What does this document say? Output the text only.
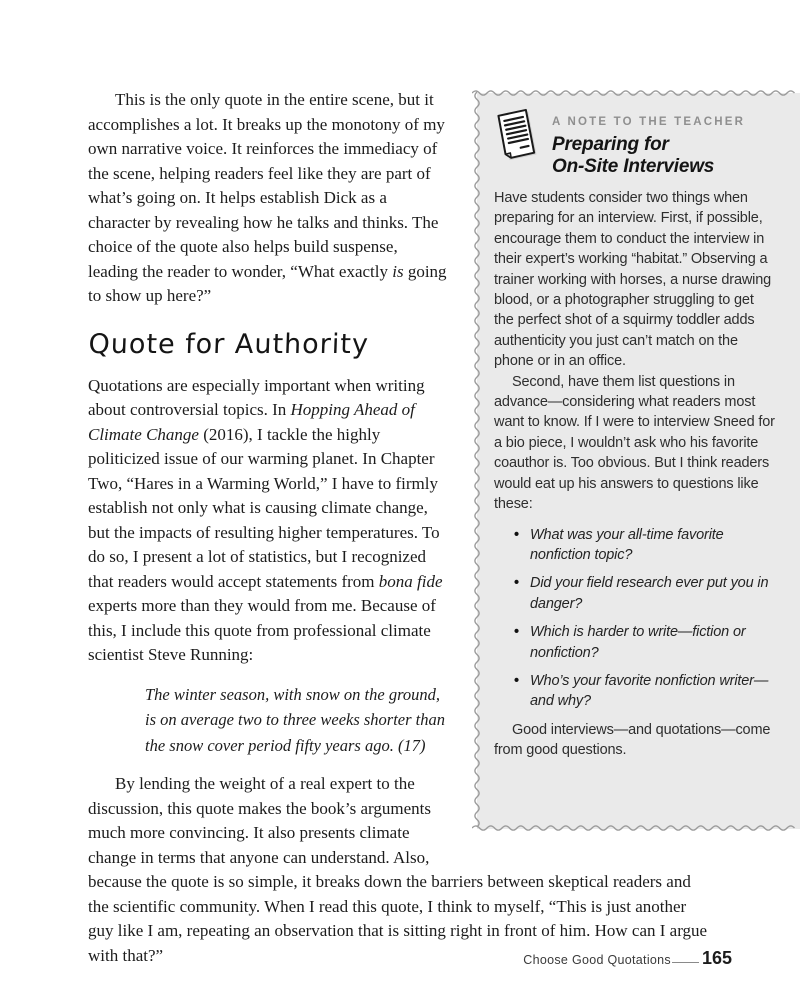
A NOTE TO THE TEACHER
Preparing for
On-Site Interviews

Have students consider two things when preparing for an interview. First, if possible, encourage them to conduct the interview in their expert’s working “habitat.” Observing a trainer working with horses, a nurse drawing blood, or a photographer struggling to get the perfect shot of a squirmy toddler adds authenticity you just can’t match on the phone or in an office.

Second, have them list questions in advance—considering what readers most want to know. If I were to interview Sneed for a bio piece, I wouldn’t ask who his favorite coauthor is. Too obvious. But I think readers would eat up his answers to questions like these:

• What was your all-time favorite nonfiction topic?
• Did your field research ever put you in danger?
• Which is harder to write—fiction or nonfiction?
• Who’s your favorite nonfiction writer—and why?

Good interviews—and quotations—come from good questions.

This is the only quote in the entire scene, but it accomplishes a lot. It breaks up the monotony of my own narrative voice. It reinforces the immediacy of the scene, helping readers feel like they are part of what’s going on. It helps establish Dick as a character by revealing how he talks and thinks. The choice of the quote also helps build suspense, leading the reader to wonder, “What exactly is going to show up here?”

Quote for Authority

Quotations are especially important when writing about controversial topics. In Hopping Ahead of Climate Change (2016), I tackle the highly politicized issue of our warming planet. In Chapter Two, “Hares in a Warming World,” I have to firmly establish not only what is causing climate change, but the impacts of resulting higher temperatures. To do so, I present a lot of statistics, but I recognized that readers would accept statements from bona fide experts more than they would from me. Because of this, I include this quote from professional climate scientist Steve Running:

The winter season, with snow on the ground, is on average two to three weeks shorter than the snow cover period fifty years ago. (17)

By lending the weight of a real expert to the discussion, this quote makes the book’s arguments much more convincing. It also presents climate change in terms that anyone can understand. Also, because the quote is so simple, it breaks down the barriers between skeptical readers and the scientific community. When I read this quote, I think to myself, “This is just another guy like I am, repeating an observation that is sitting right in front of him. How can I argue with that?”	Choose Good Quotations 165
